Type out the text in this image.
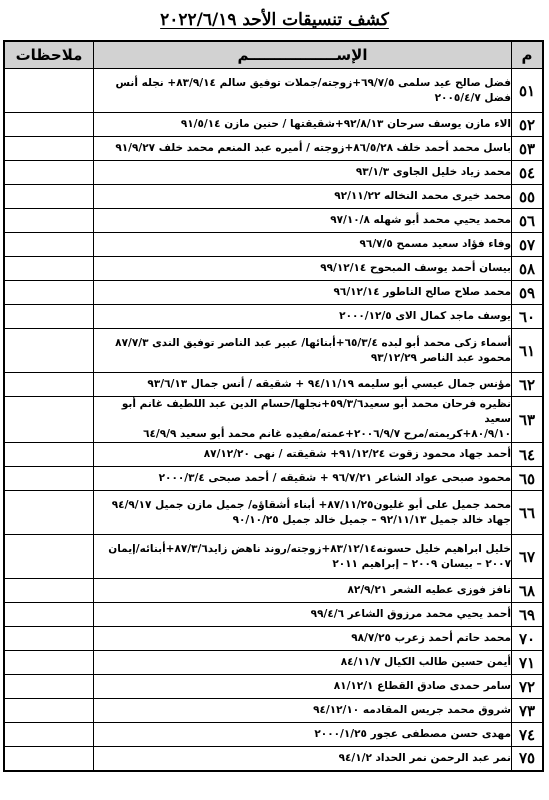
كشف تنسيقات الأحد ٢٠٢٢/٦/١٩
م	الإســـــــــــــــــم	ملاحظات
٥١	فضل صالح عيد سلمى ٦٩/٧/٥+زوجته/جملات توفيق سالم ٨٣/٩/١٤+ نجله أنس
فضل ٢٠٠٥/٤/٧	
٥٢	الاء مازن يوسف سرحان ٩٢/٨/١٣+شقيقتها / حنين مازن ٩١/٥/١٤	
٥٣	باسل محمد أحمد خلف ٨٦/٥/٢٨+زوجته / أميره عبد المنعم محمد خلف ٩١/٩/٢٧	
٥٤	محمد زياد خليل الجاوى ٩٣/١/٣	
٥٥	محمد خيرى محمد النخاله ٩٢/١١/٢٢	
٥٦	محمد يحيي محمد أبو شهله ٩٧/١٠/٨	
٥٧	وفاء فؤاد سعيد مسمح ٩٦/٧/٥	
٥٨	بيسان أحمد يوسف المبحوح ٩٩/١٢/١٤	
٥٩	محمد صلاح صالح الناطور ٩٦/١٢/١٤	
٦٠	يوسف ماجد كمال الاى ٢٠٠٠/١٢/٥	
٦١	أسماء زكى محمد أبو لبده ٦٥/٣/٤+أبنائها/ عبير عبد الناصر توفيق الندى ٨٧/٧/٣
محمود عبد الناصر ٩٣/١٢/٢٩	
٦٢	مؤنس جمال عيسي أبو سليمه ٩٤/١١/١٩ + شقيقه / أنس جمال ٩٣/٦/١٣	
٦٣	نظيره فرحان محمد أبو سعيد٥٩/٣/٦+نجلها/حسام الدين عبد اللطيف غانم أبو سعيد
٨٠/٩/١٠+كريمته/مرح ٢٠٠٦/٩/٧+عمته/مفيده غانم محمد أبو سعيد ٦٤/٩/٩	
٦٤	أحمد جهاد محمود زقوت ٩١/١٢/٢٤+ شقيقته / نهى ٨٧/١٢/٢٠	
٦٥	محمود صبحى عواد الشاعر ٩٦/٧/٢١ + شقيقه / أحمد صبحى ٢٠٠٠/٣/٤	
٦٦	محمد جميل على أبو غليون٨٧/١١/٢٥+ أبناء أشقاؤه/ جميل مازن جميل ٩٤/٩/١٧
جهاد خالد جميل ٩٢/١١/١٣ – جميل خالد جميل ٩٠/١٠/٢٥	
٦٧	خليل ابراهيم خليل حسونه٨٣/١٢/١٤+زوجته/روند ناهض زايد٨٧/٣/٦+أبنائه/إيمان
٢٠٠٧ – بيسان ٢٠٠٩ – إبراهيم ٢٠١١	
٦٨	نافز فوزى عطيه الشعر ٨٢/٩/٢١	
٦٩	أحمد يحيي محمد مرزوق الشاعر ٩٩/٤/٦	
٧٠	محمد حاتم أحمد زعرب ٩٨/٧/٢٥	
٧١	أيمن حسين طالب الكيال ٨٤/١١/٧	
٧٢	سامر حمدى صادق القطاع ٨١/١٢/١	
٧٣	شروق محمد جريس المقادمه ٩٤/١٢/١٠	
٧٤	مهدى حسن مصطفى عجور ٢٠٠٠/١/٢٥	
٧٥	نمر عبد الرحمن نمر الحداد ٩٤/١/٢	
